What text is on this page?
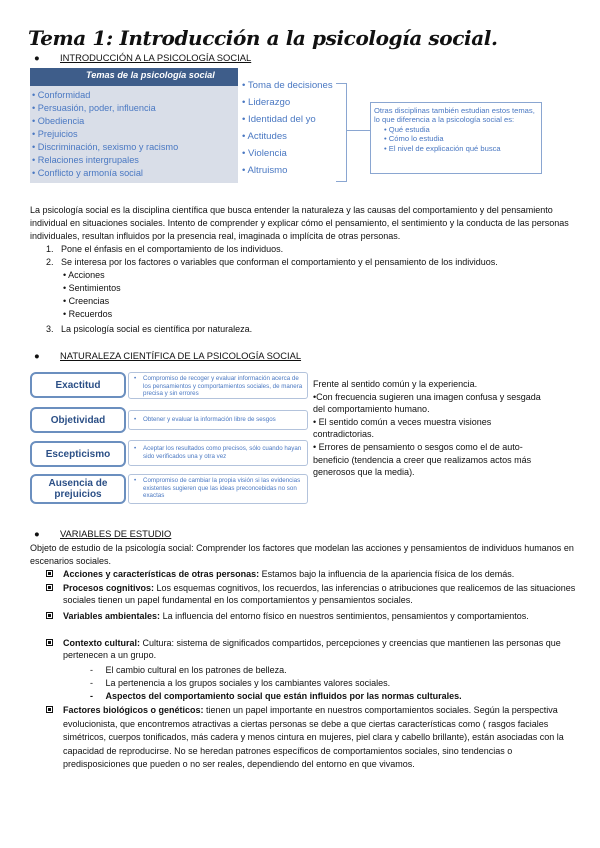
Tema 1: Introducción a la psicología social.
● INTRODUCCIÓN A LA PSICOLOGÍA SOCIAL
Temas de la psicología social
• Conformidad
• Persuasión, poder, influencia
• Obediencia
• Prejuicios
• Discriminación, sexismo y racismo
• Relaciones intergrupales
• Conflicto y armonía social
• Toma de decisiones
• Liderazgo
• Identidad del yo
• Actitudes
• Violencia
• Altruismo
Otras disciplinas también estudian estos temas, lo que diferencia a la psicología social es:
• Qué estudia
• Cómo lo estudia
• El nivel de explicación qué busca
La psicología social es la disciplina científica que busca entender la naturaleza y las causas del comportamiento y del pensamiento individual en situaciones sociales. Intento de comprender y explicar cómo el pensamiento, el sentimiento y la conducta de las personas individuales, resultan influidos por la presencia real, imaginada o implícita de otras personas.
1.   Pone el énfasis en el comportamiento de los individuos.
2.   Se interesa por los factores o variables que conforman el comportamiento y el pensamiento de los individuos.
• Acciones
• Sentimientos
• Creencias
• Recuerdos
3.   La psicología social es científica por naturaleza.
● NATURALEZA CIENTÍFICA DE LA PSICOLOGÍA SOCIAL
Exactitud
• Compromiso de recoger y evaluar información acerca de los pensamientos y comportamientos sociales, de manera precisa y sin errores
Objetividad	• Obtener y evaluar la información libre de sesgos
Escepticismo	• Aceptar los resultados como precisos, sólo cuando hayan sido verificados una y otra vez
Ausencia de prejuicios
• Compromiso de cambiar la propia visión si las evidencias existentes sugieren que las ideas preconcebidas no son exactas
Frente al sentido común y la experiencia.
•Con frecuencia sugieren una imagen confusa y sesgada del comportamiento humano.
• El sentido común a veces muestra visiones contradictorias.
• Errores de pensamiento o sesgos como el de auto-beneficio (tendencia a creer que realizamos actos más generosos que la media).
● VARIABLES DE ESTUDIO
Objeto de estudio de la psicología social: Comprender los factores que modelan las acciones y pensamientos de individuos humanos en escenarios sociales.
Acciones y características de otras personas: Estamos bajo la influencia de la apariencia física de los demás.
Procesos cognitivos: Los esquemas cognitivos, los recuerdos, las inferencias o atribuciones que realicemos de las situaciones sociales tienen un papel fundamental en los comportamientos y pensamientos sociales.
Variables ambientales: La influencia del entorno físico en nuestros sentimientos, pensamientos y comportamientos.
Contexto cultural: Cultura: sistema de significados compartidos, percepciones y creencias que mantienen las personas que pertenecen a un grupo.
- El cambio cultural en los patrones de belleza.
- La pertenencia a los grupos sociales y los cambiantes valores sociales.
- Aspectos del comportamiento social que están influidos por las normas culturales.
Factores biológicos o genéticos: tienen un papel importante en nuestros comportamientos sociales. Según la perspectiva evolucionista, que encontremos atractivas a ciertas personas se debe a que ciertas características como ( rasgos faciales simétricos, cuerpos tonificados, más cadera y menos cintura en mujeres, piel clara y cabello brillante), están asociadas con la capacidad de reproducirse. No se heredan patrones específicos de comportamientos sociales, sino tendencias o predisposiciones que pueden o no ser reales, dependiendo del entorno en que vivamos.
